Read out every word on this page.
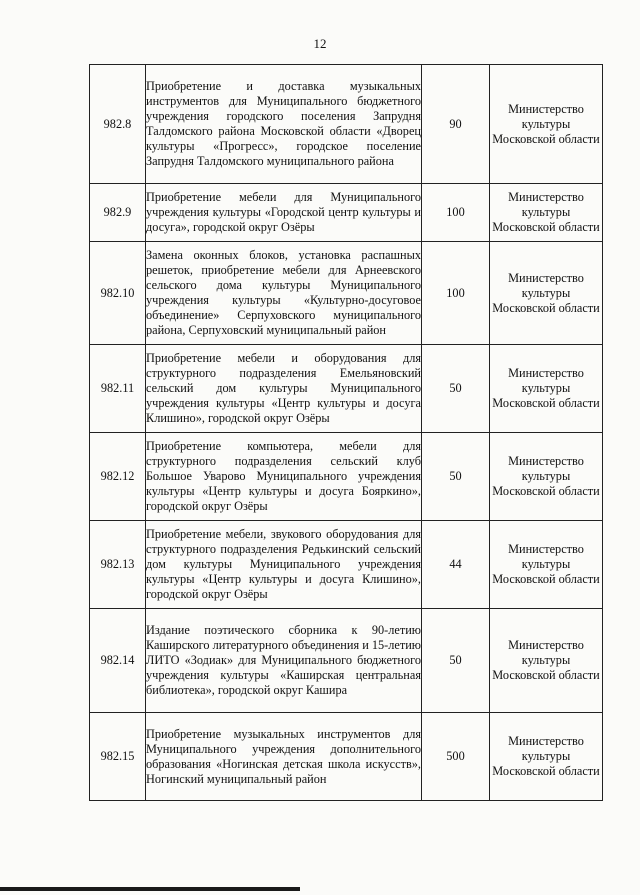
12
982.8	Приобретение и доставка музыкальных инструментов для Муниципального бюджетного учреждения городского поселения Запрудня Талдомского района Московской области «Дворец культуры «Прогресс», городское поселение Запрудня Талдомского муниципального района	90	Министерство культуры Московской области
982.9	Приобретение мебели для Муниципального учреждения культуры «Городской центр культуры и досуга», городской округ Озёры	100	Министерство культуры Московской области
982.10	Замена оконных блоков, установка распашных решеток, приобретение мебели для Арнеевского сельского дома культуры Муниципального учреждения культуры «Культурно-досуговое объединение» Серпуховского муниципального района, Серпуховский муниципальный район	100	Министерство культуры Московской области
982.11	Приобретение мебели и оборудования для структурного подразделения Емельяновский сельский дом культуры Муниципального учреждения культуры «Центр культуры и досуга Клишино», городской округ Озёры	50	Министерство культуры Московской области
982.12	Приобретение компьютера, мебели для структурного подразделения сельский клуб Большое Уварово Муниципального учреждения культуры «Центр культуры и досуга Бояркино», городской округ Озёры	50	Министерство культуры Московской области
982.13	Приобретение мебели, звукового оборудования для структурного подразделения Редькинский сельский дом культуры Муниципального учреждения культуры «Центр культуры и досуга Клишино», городской округ Озёры	44	Министерство культуры Московской области
982.14	Издание поэтического сборника к 90-летию Каширского литературного объединения и 15-летию ЛИТО «Зодиак» для Муниципального бюджетного учреждения культуры «Каширская центральная библиотека», городской округ Кашира	50	Министерство культуры Московской области
982.15	Приобретение музыкальных инструментов для Муниципального учреждения дополнительного образования «Ногинская детская школа искусств», Ногинский муниципальный район	500	Министерство культуры Московской области
